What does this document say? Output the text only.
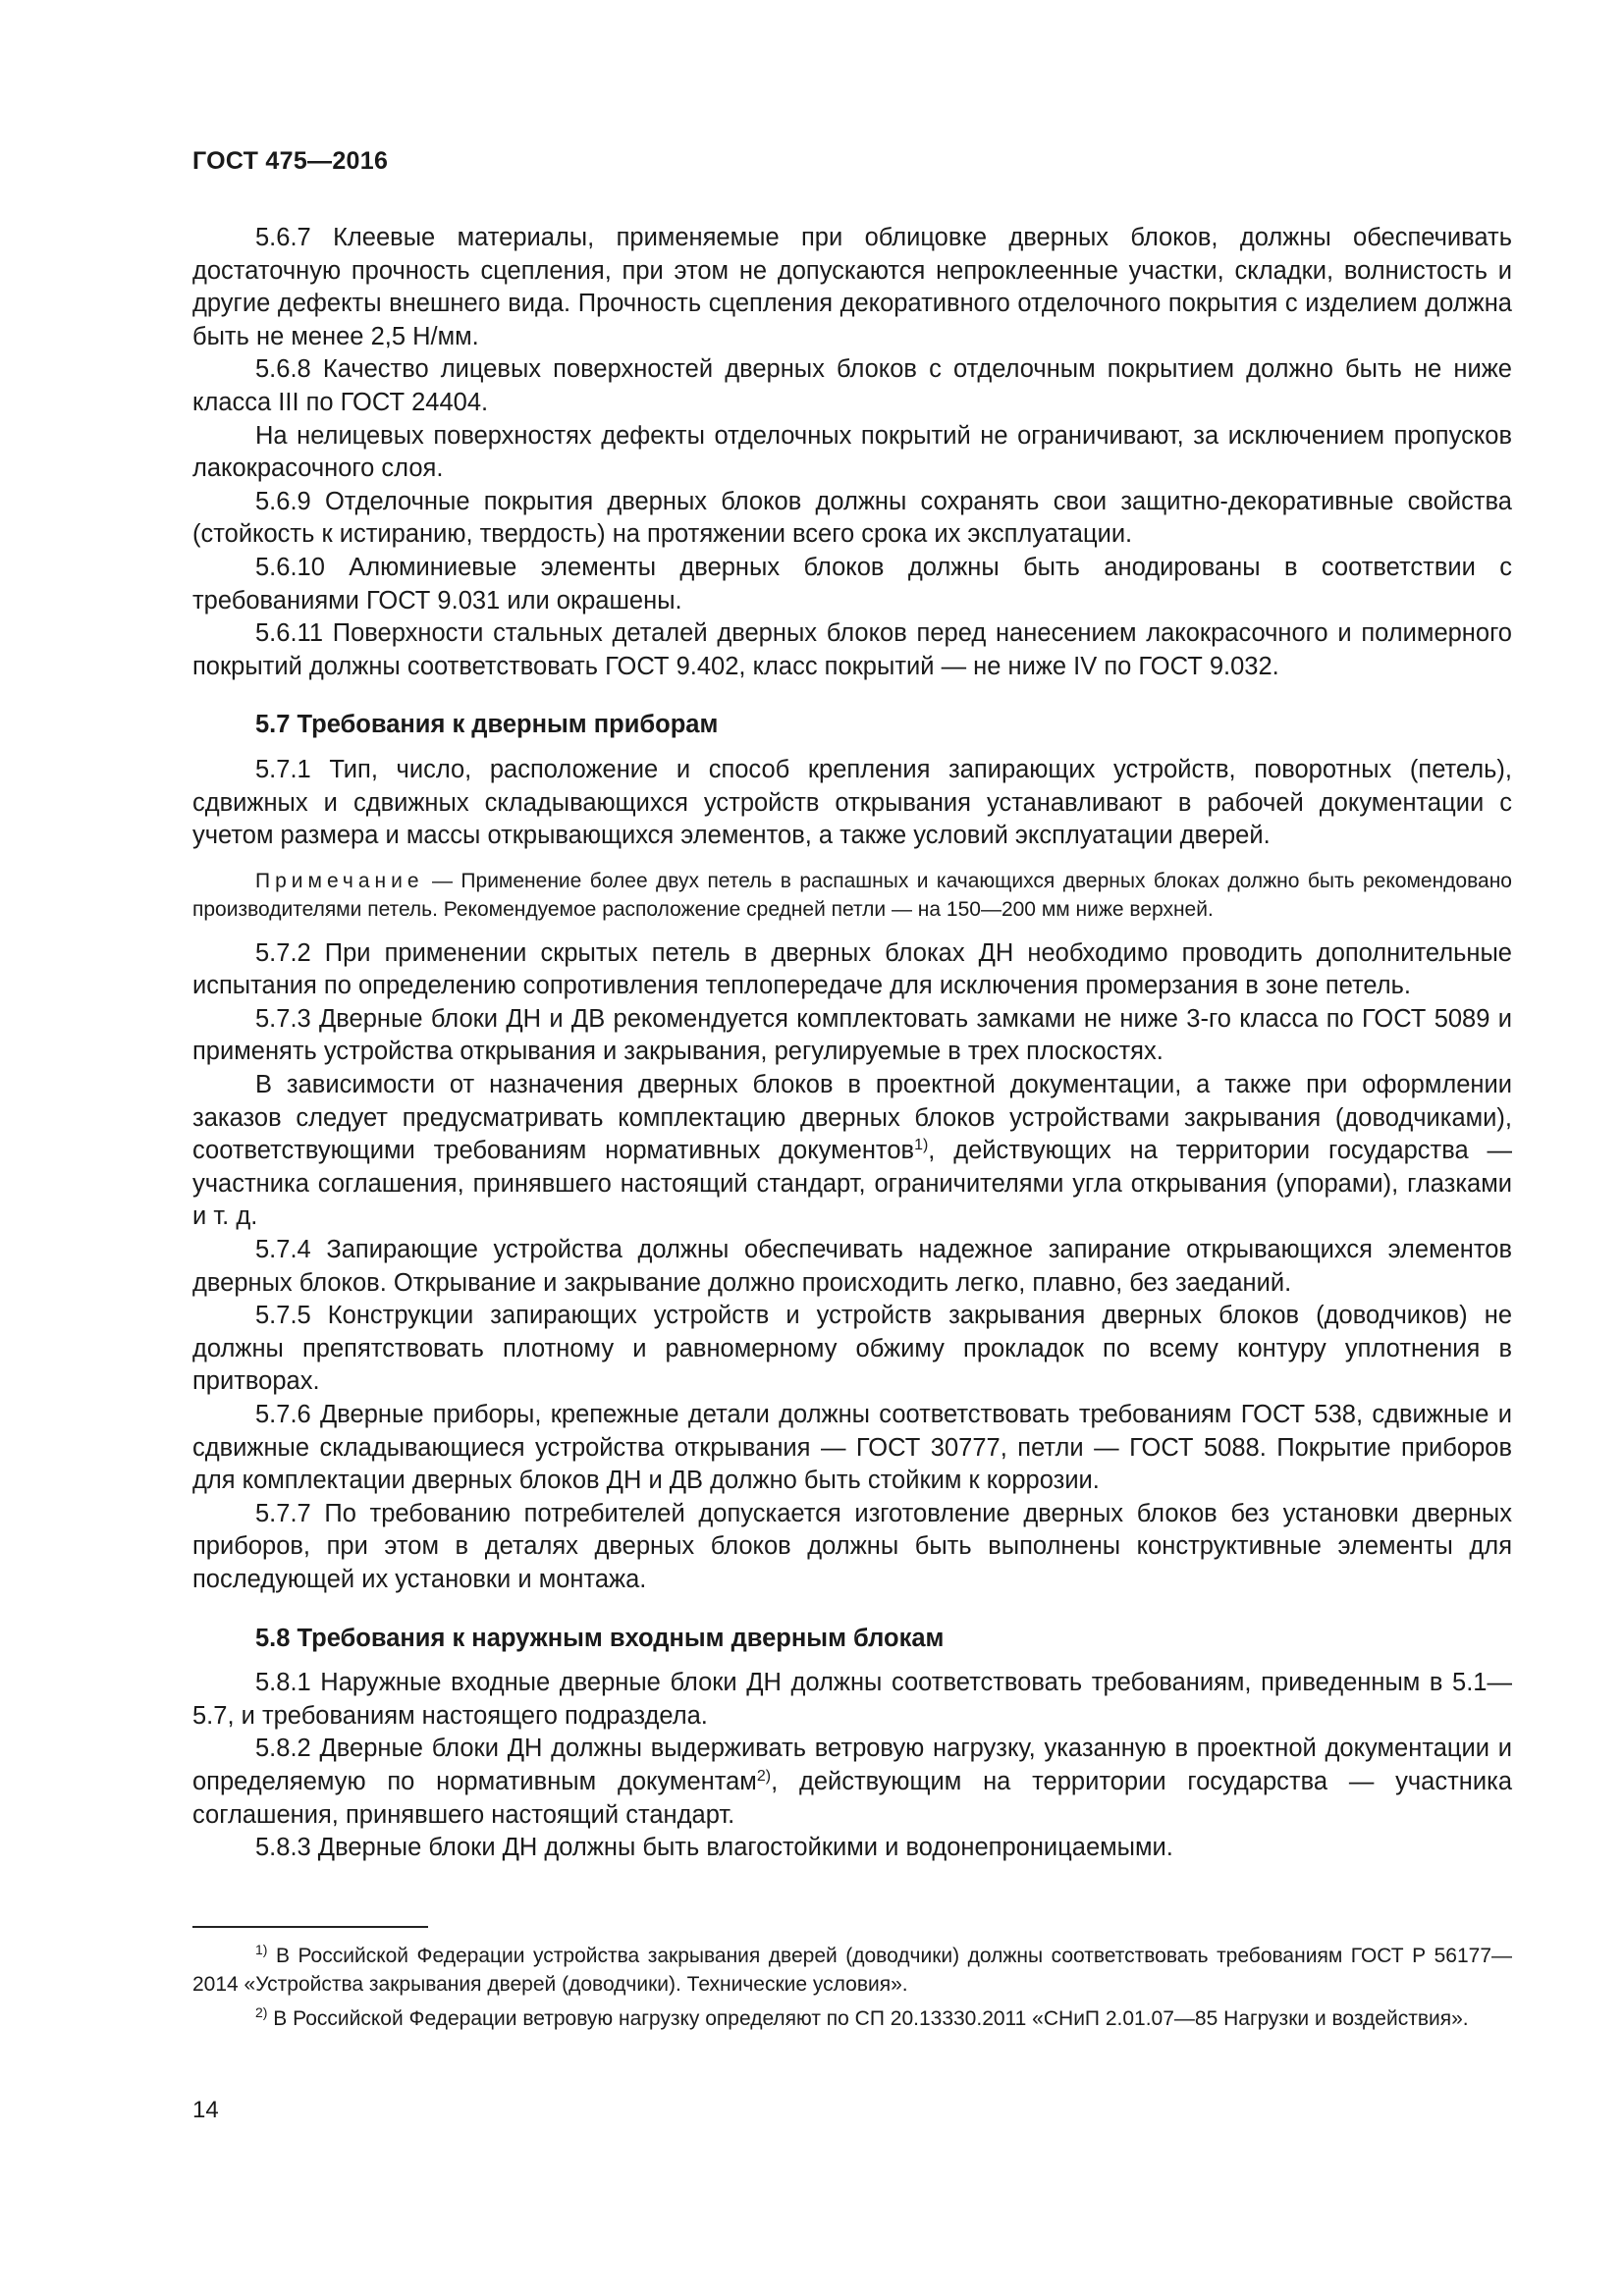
ГОСТ 475—2016

5.6.7 Клеевые материалы, применяемые при облицовке дверных блоков, должны обеспечивать достаточную прочность сцепления, при этом не допускаются непроклеенные участки, складки, волнистость и другие дефекты внешнего вида. Прочность сцепления декоративного отделочного покрытия с изделием должна быть не менее 2,5 Н/мм.

5.6.8 Качество лицевых поверхностей дверных блоков с отделочным покрытием должно быть не ниже класса III по ГОСТ 24404.

На нелицевых поверхностях дефекты отделочных покрытий не ограничивают, за исключением пропусков лакокрасочного слоя.

5.6.9 Отделочные покрытия дверных блоков должны сохранять свои защитно-декоративные свойства (стойкость к истиранию, твердость) на протяжении всего срока их эксплуатации.

5.6.10 Алюминиевые элементы дверных блоков должны быть анодированы в соответствии с требованиями ГОСТ 9.031 или окрашены.

5.6.11 Поверхности стальных деталей дверных блоков перед нанесением лакокрасочного и полимерного покрытий должны соответствовать ГОСТ 9.402, класс покрытий — не ниже IV по ГОСТ 9.032.

5.7 Требования к дверным приборам

5.7.1 Тип, число, расположение и способ крепления запирающих устройств, поворотных (петель), сдвижных и сдвижных складывающихся устройств открывания устанавливают в рабочей документации с учетом размера и массы открывающихся элементов, а также условий эксплуатации дверей.

Примечание — Применение более двух петель в распашных и качающихся дверных блоках должно быть рекомендовано производителями петель. Рекомендуемое расположение средней петли — на 150—200 мм ниже верхней.

5.7.2 При применении скрытых петель в дверных блоках ДН необходимо проводить дополнительные испытания по определению сопротивления теплопередаче для исключения промерзания в зоне петель.

5.7.3 Дверные блоки ДН и ДВ рекомендуется комплектовать замками не ниже 3-го класса по ГОСТ 5089 и применять устройства открывания и закрывания, регулируемые в трех плоскостях.

В зависимости от назначения дверных блоков в проектной документации, а также при оформлении заказов следует предусматривать комплектацию дверных блоков устройствами закрывания (доводчиками), соответствующими требованиям нормативных документов$^{1)}$, действующих на территории государства — участника соглашения, принявшего настоящий стандарт, ограничителями угла открывания (упорами), глазками и т. д.

5.7.4 Запирающие устройства должны обеспечивать надежное запирание открывающихся элементов дверных блоков. Открывание и закрывание должно происходить легко, плавно, без заеданий.

5.7.5 Конструкции запирающих устройств и устройств закрывания дверных блоков (доводчиков) не должны препятствовать плотному и равномерному обжиму прокладок по всему контуру уплотнения в притворах.

5.7.6 Дверные приборы, крепежные детали должны соответствовать требованиям ГОСТ 538, сдвижные и сдвижные складывающиеся устройства открывания — ГОСТ 30777, петли — ГОСТ 5088. Покрытие приборов для комплектации дверных блоков ДН и ДВ должно быть стойким к коррозии.

5.7.7 По требованию потребителей допускается изготовление дверных блоков без установки дверных приборов, при этом в деталях дверных блоков должны быть выполнены конструктивные элементы для последующей их установки и монтажа.

5.8 Требования к наружным входным дверным блокам

5.8.1 Наружные входные дверные блоки ДН должны соответствовать требованиям, приведенным в 5.1—5.7, и требованиям настоящего подраздела.

5.8.2 Дверные блоки ДН должны выдерживать ветровую нагрузку, указанную в проектной документации и определяемую по нормативным документам$^{2)}$, действующим на территории государства — участника соглашения, принявшего настоящий стандарт.

5.8.3 Дверные блоки ДН должны быть влагостойкими и водонепроницаемыми.

$^{1)}$ В Российской Федерации устройства закрывания дверей (доводчики) должны соответствовать требованиям ГОСТ Р 56177—2014 «Устройства закрывания дверей (доводчики). Технические условия».

$^{2)}$ В Российской Федерации ветровую нагрузку определяют по СП 20.13330.2011 «СНиП 2.01.07—85 Нагрузки и воздействия».

14
